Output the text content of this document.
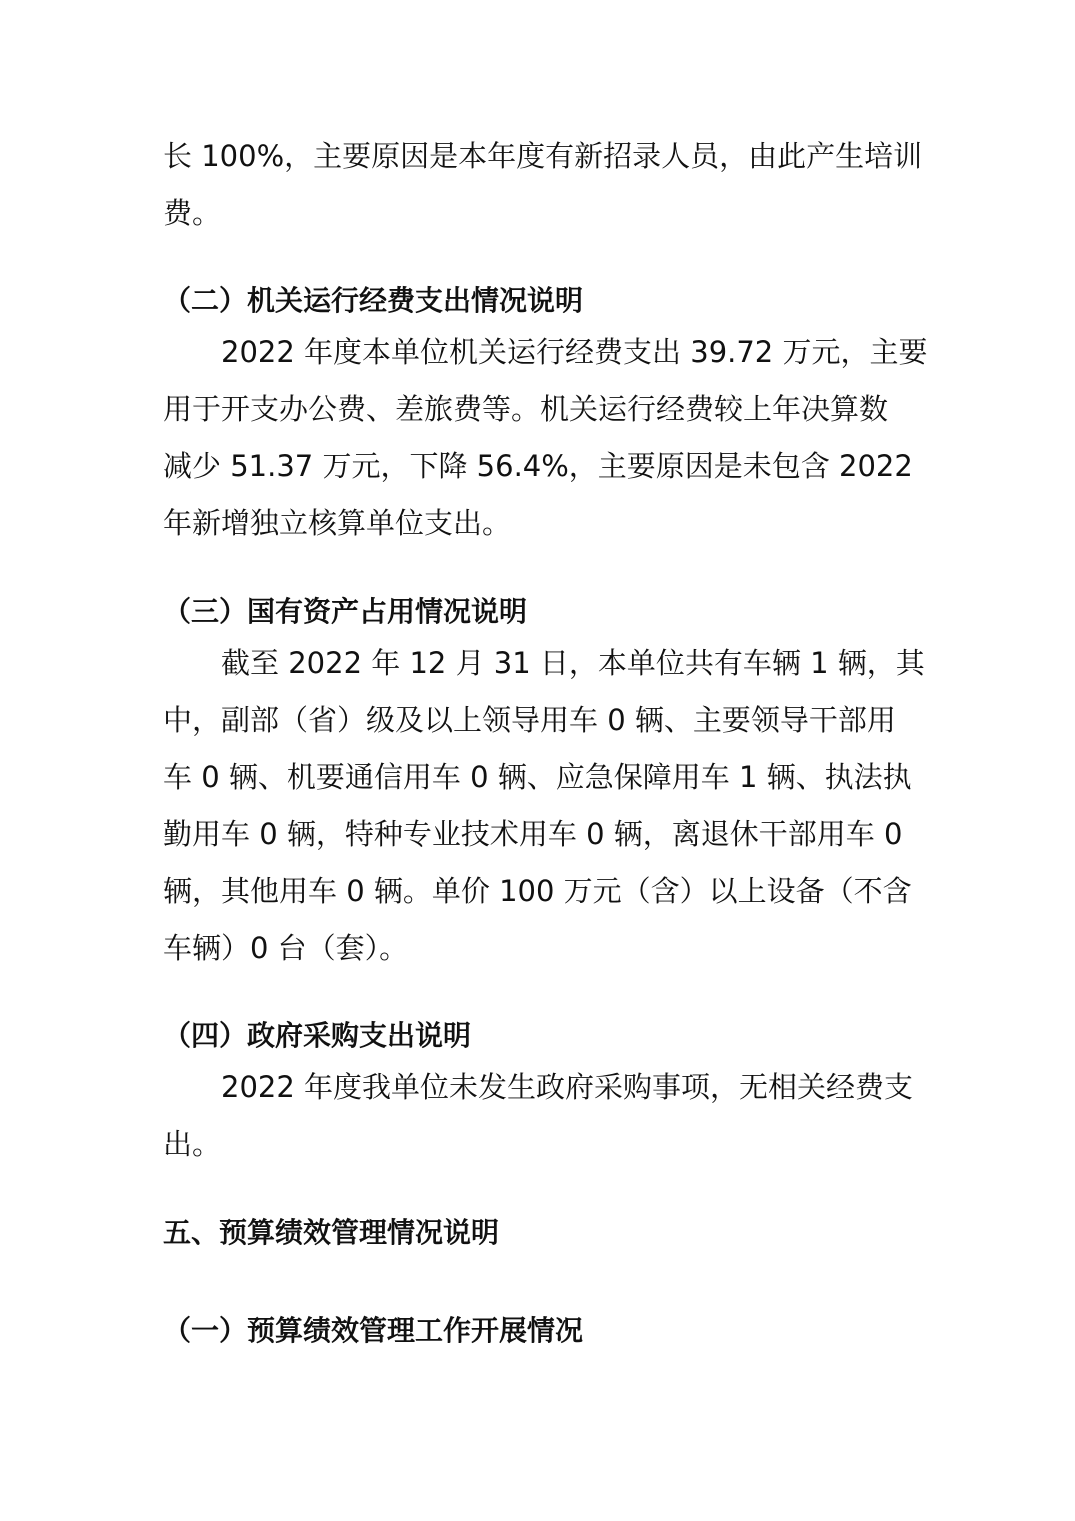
长 100%，主要原因是本年度有新招录人员，由此产生培训
费。
（二）机关运行经费支出情况说明
2022 年度本单位机关运行经费支出 39.72 万元，主要
用于开支办公费、差旅费等。机关运行经费较上年决算数
减少 51.37 万元，下降 56.4%，主要原因是未包含 2022
年新增独立核算单位支出。
（三）国有资产占用情况说明
截至 2022 年 12 月 31 日，本单位共有车辆 1 辆，其
中，副部（省）级及以上领导用车 0 辆、主要领导干部用
车 0 辆、机要通信用车 0 辆、应急保障用车 1 辆、执法执
勤用车 0 辆，特种专业技术用车 0 辆，离退休干部用车 0
辆，其他用车 0 辆。单价 100 万元（含）以上设备（不含
车辆）0 台（套）。
（四）政府采购支出说明
2022 年度我单位未发生政府采购事项，无相关经费支
出。
五、预算绩效管理情况说明
（一）预算绩效管理工作开展情况
